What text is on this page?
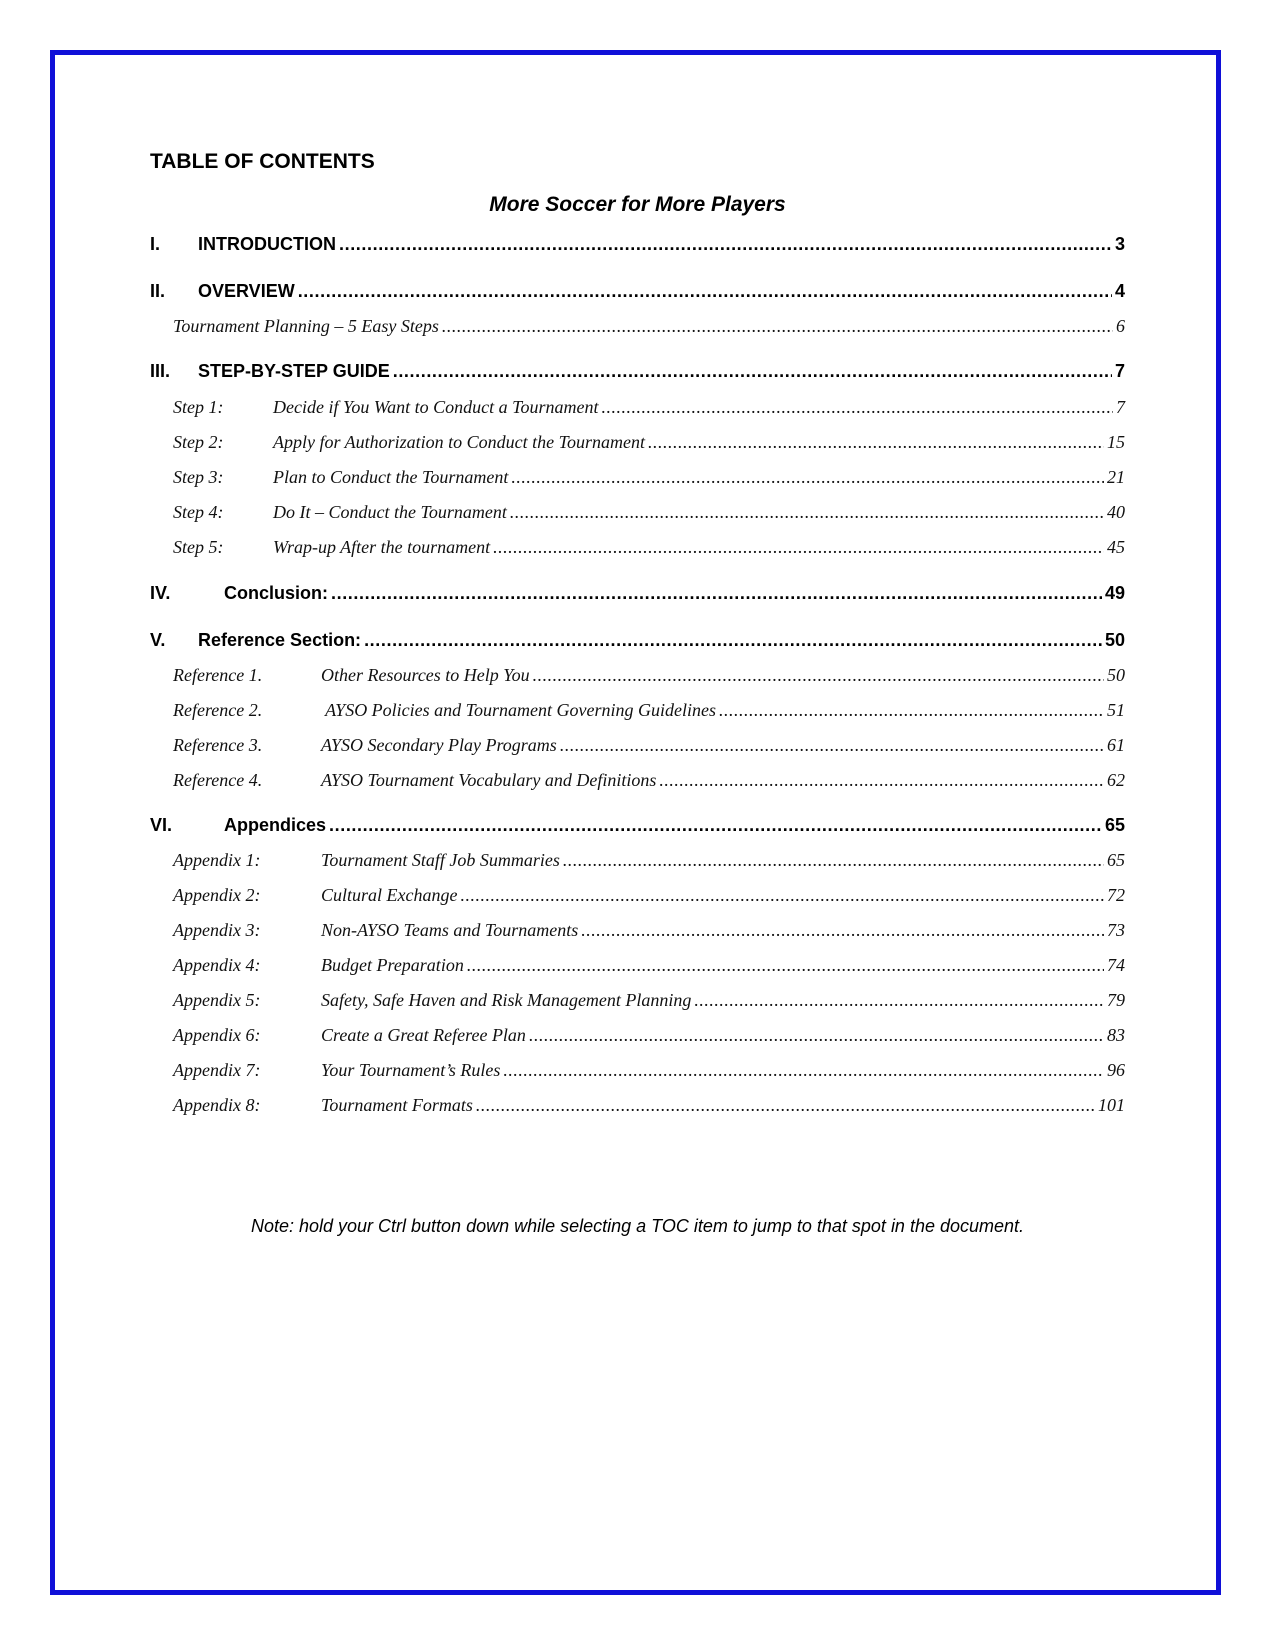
TABLE OF CONTENTS
More Soccer for More Players
I.	INTRODUCTION .....	3
II.	OVERVIEW .....	4
Tournament Planning – 5 Easy Steps .....	6
III.	STEP-BY-STEP GUIDE .....	7
Step 1:	Decide if You Want to Conduct a Tournament .....	7
Step 2:	Apply for Authorization to Conduct the Tournament .....	15
Step 3:	Plan to Conduct the Tournament .....	21
Step 4:	Do It – Conduct the Tournament .....	40
Step 5:	Wrap-up After the tournament .....	45
IV.	Conclusion: .....	49
V.	Reference Section: .....	50
Reference 1.	Other Resources to Help You .....	50
Reference 2.	AYSO Policies and Tournament Governing Guidelines .....	51
Reference 3.	AYSO Secondary Play Programs .....	61
Reference 4.	AYSO Tournament Vocabulary and Definitions .....	62
VI.	Appendices .....	65
Appendix 1:	Tournament Staff Job Summaries .....	65
Appendix 2:	Cultural Exchange .....	72
Appendix 3:	Non-AYSO Teams and Tournaments .....	73
Appendix 4:	Budget Preparation .....	74
Appendix 5:	Safety, Safe Haven and Risk Management Planning .....	79
Appendix 6:	Create a Great Referee Plan .....	83
Appendix 7:	Your Tournament’s Rules .....	96
Appendix 8:	Tournament Formats .....	101

Note: hold your Ctrl button down while selecting a TOC item to jump to that spot in the document.
